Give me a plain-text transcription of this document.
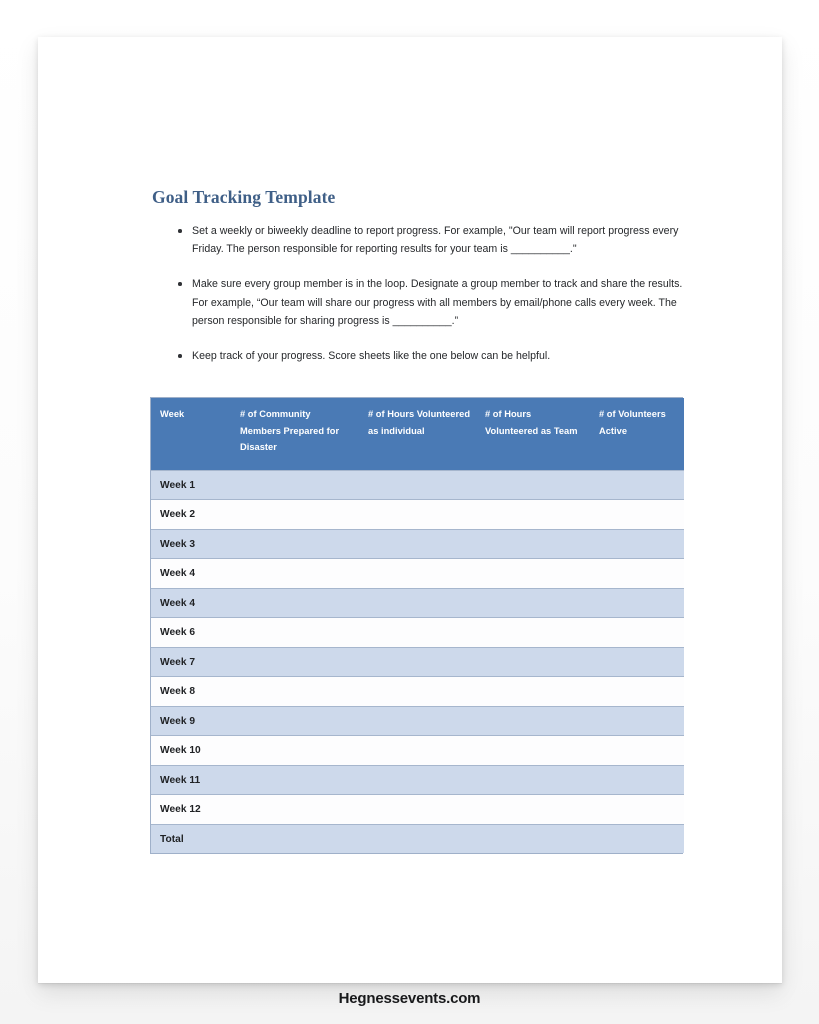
Goal Tracking Template
Set a weekly or biweekly deadline to report progress. For example, "Our team will report progress every Friday. The person responsible for reporting results for your team is __________."
Make sure every group member is in the loop. Designate a group member to track and share the results. For example, “Our team will share our progress with all members by email/phone calls every week. The person responsible for sharing progress is __________.”
Keep track of your progress. Score sheets like the one below can be helpful.
Week	# of Community Members Prepared for Disaster	# of Hours Volunteered as individual	# of Hours Volunteered as Team	# of Volunteers Active
Week 1				
Week 2				
Week 3				
Week 4				
Week 4				
Week 6				
Week 7				
Week 8				
Week 9				
Week 10				
Week 11				
Week 12				
Total				
Hegnessevents.com
